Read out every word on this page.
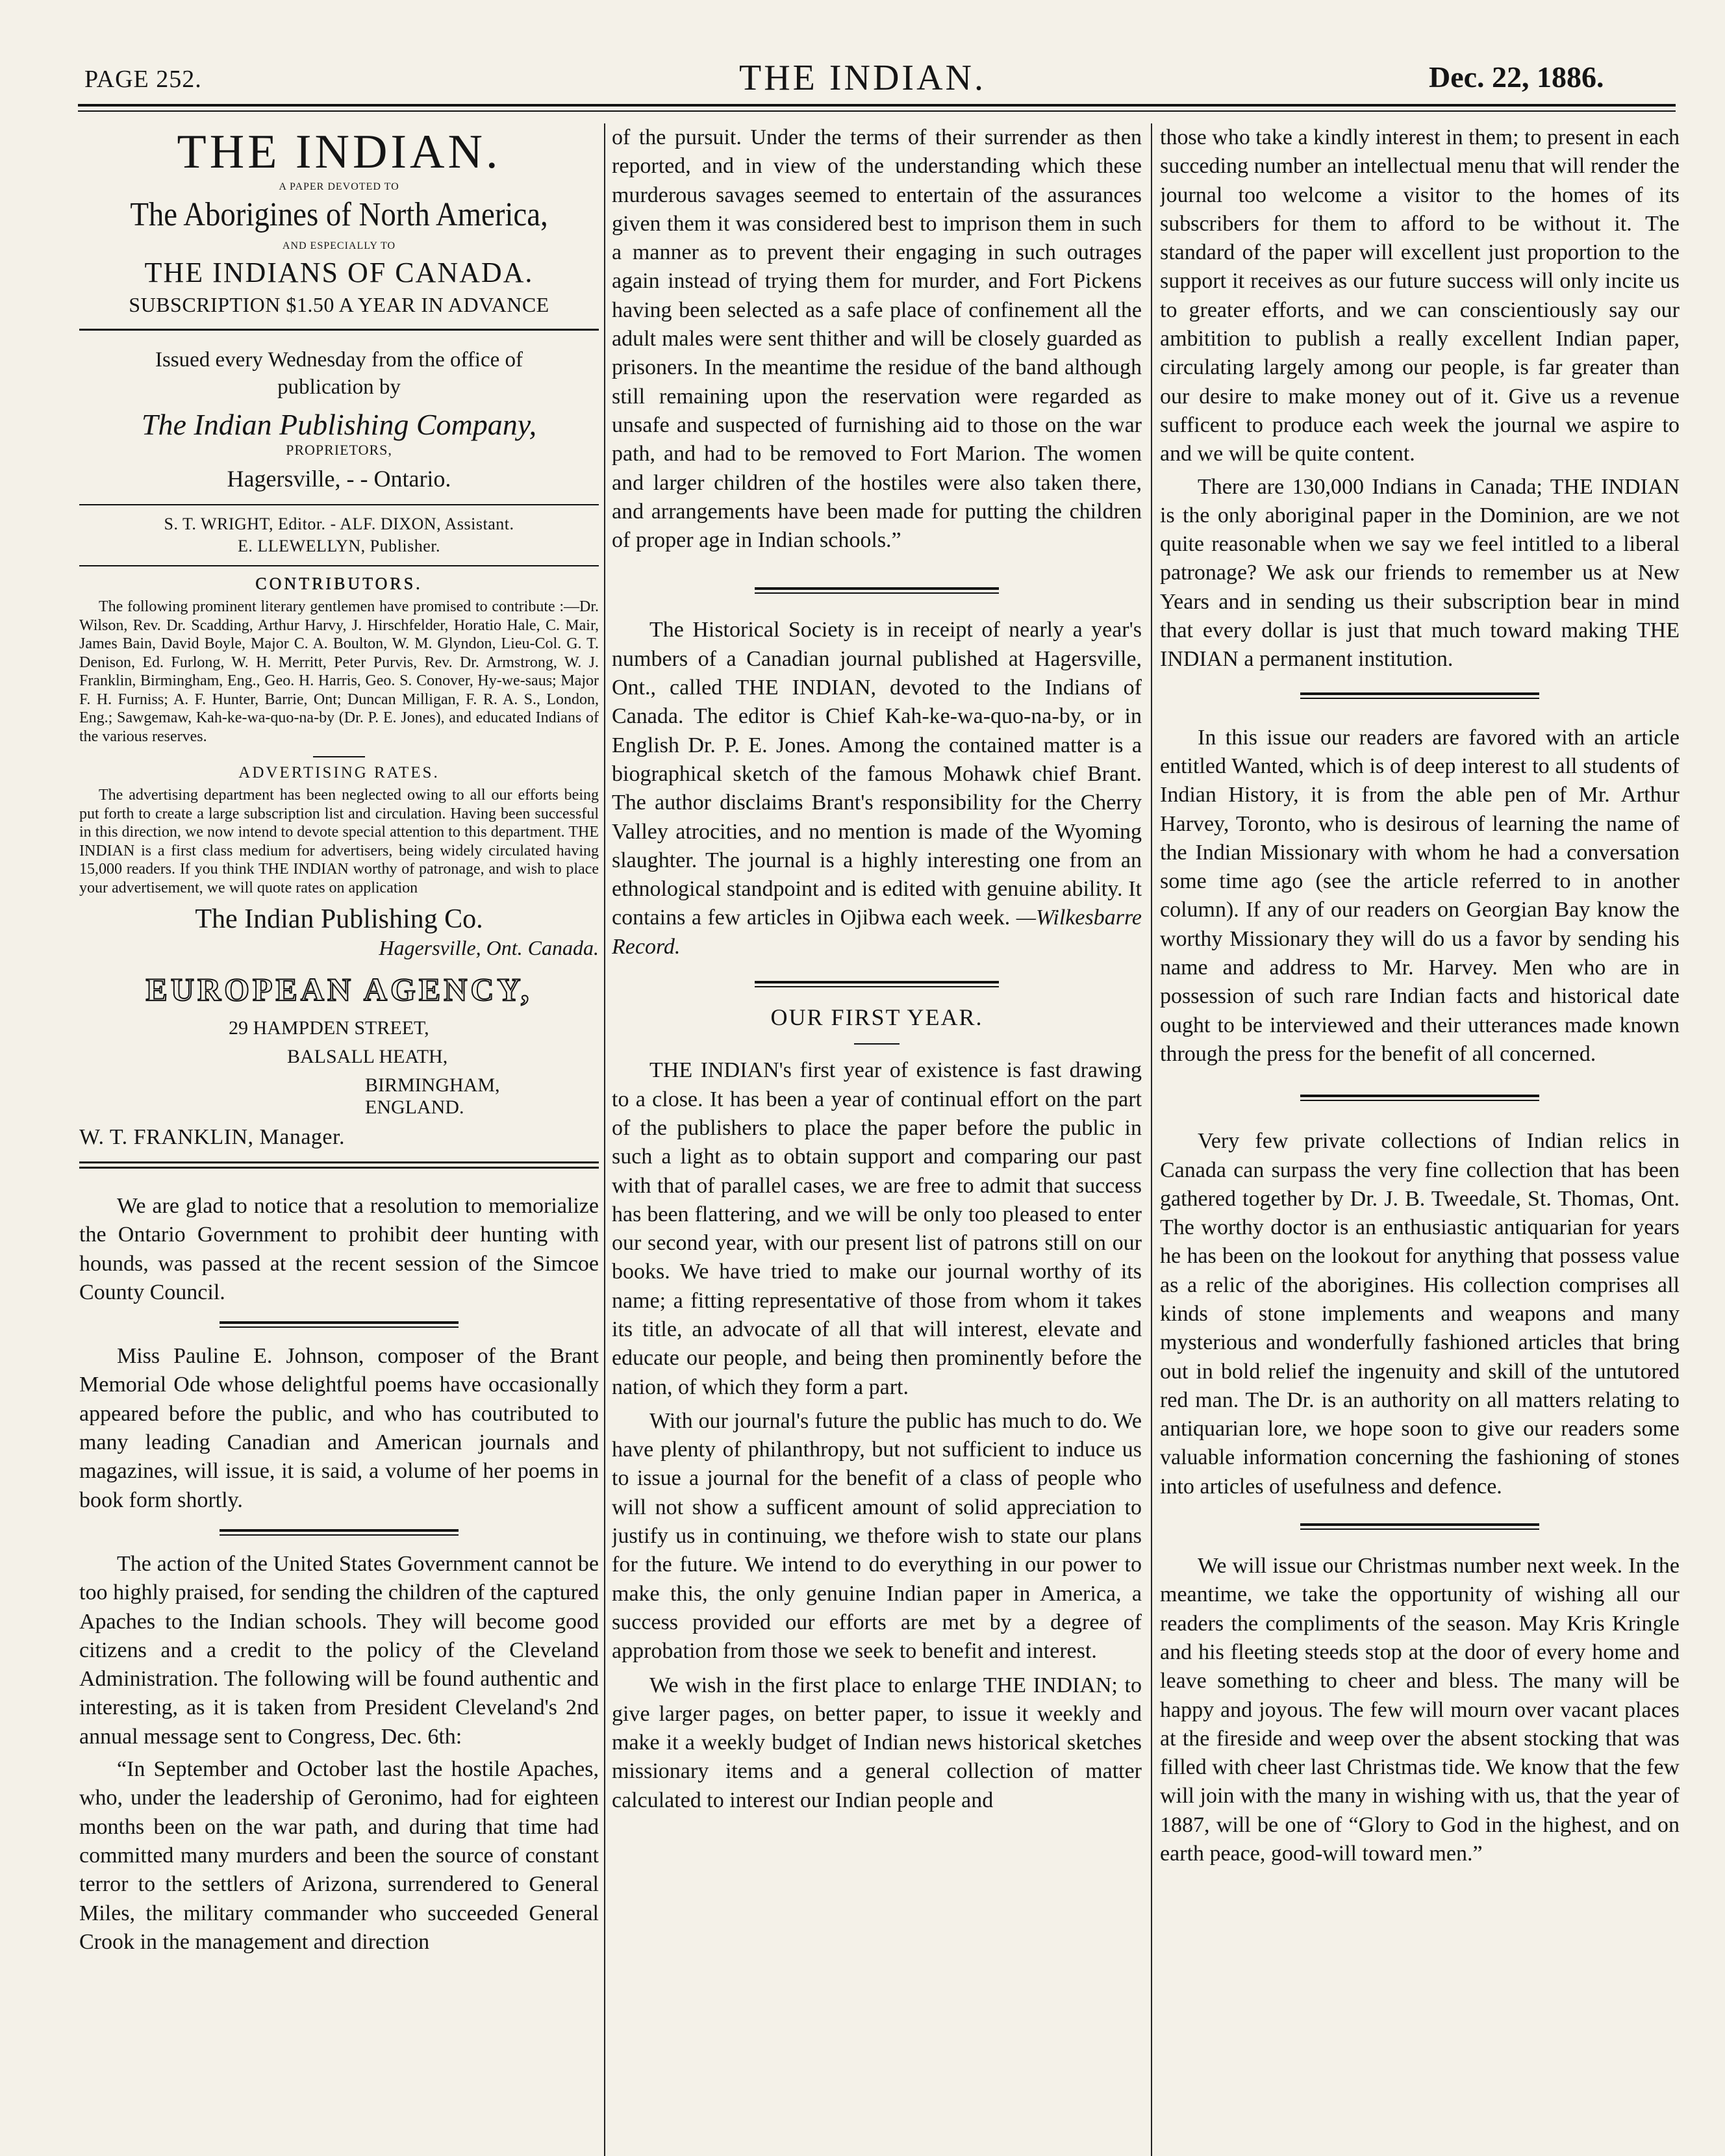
PAGE 252.	THE INDIAN.	Dec. 22, 1886.
THE INDIAN.
A PAPER DEVOTED TO
The Aborigines of North America,
AND ESPECIALLY TO
THE INDIANS OF CANADA.
SUBSCRIPTION $1.50 A YEAR IN ADVANCE
Issued every Wednesday from the office of publication by
The Indian Publishing Company,
PROPRIETORS,
Hagersville, - - Ontario.
S. T. WRIGHT, Editor. - ALF. DIXON, Assistant.
E. LLEWELLYN, Publisher.
CONTRIBUTORS.

The following prominent literary gentlemen have promised to contribute :—Dr. Wilson, Rev. Dr. Scadding, Arthur Harvy, J. Hirschfelder, Horatio Hale, C. Mair, James Bain, David Boyle, Major C. A. Boulton, W. M. Glyndon, Lieu-Col. G. T. Denison, Ed. Furlong, W. H. Merritt, Peter Purvis, Rev. Dr. Armstrong, W. J. Franklin, Birmingham, Eng., Geo. H. Harris, Geo. S. Conover, Hy-we-saus; Major F. H. Furniss; A. F. Hunter, Barrie, Ont; Duncan Milligan, F. R. A. S., London, Eng.; Sawgemaw, Kah-ke-wa-quo-na-by (Dr. P. E. Jones), and educated Indians of the various reserves.

ADVERTISING RATES.

The advertising department has been neglected owing to all our efforts being put forth to create a large subscription list and circulation. Having been successful in this direction, we now intend to devote special attention to this department. THE INDIAN is a first class medium for advertisers, being widely circulated having 15,000 readers. If you think THE INDIAN worthy of patronage, and wish to place your advertisement, we will quote rates on application

The Indian Publishing Co.
Hagersville, Ont. Canada.
EUROPEAN AGENCY,
29 HAMPDEN STREET,
BALSALL HEATH,
BIRMINGHAM, ENGLAND.
W. T. FRANKLIN, Manager.

We are glad to notice that a resolution to memorialize the Ontario Government to prohibit deer hunting with hounds, was passed at the recent session of the Simcoe County Council.

Miss Pauline E. Johnson, composer of the Brant Memorial Ode whose delightful poems have occasionally appeared before the public, and who has coutributed to many leading Canadian and American journals and magazines, will issue, it is said, a volume of her poems in book form shortly.

The action of the United States Government cannot be too highly praised, for sending the children of the captured Apaches to the Indian schools. They will become good citizens and a credit to the policy of the Cleveland Administration. The following will be found authentic and interesting, as it is taken from President Cleveland's 2nd annual message sent to Congress, Dec. 6th:

“In September and October last the hostile Apaches, who, under the leadership of Geronimo, had for eighteen months been on the war path, and during that time had committed many murders and been the source of constant terror to the settlers of Arizona, surrendered to General Miles, the military commander who succeeded General Crook in the management and direction

of the pursuit. Under the terms of their surrender as then reported, and in view of the understanding which these murderous savages seemed to entertain of the assurances given them it was considered best to imprison them in such a manner as to prevent their engaging in such outrages again instead of trying them for murder, and Fort Pickens having been selected as a safe place of confinement all the adult males were sent thither and will be closely guarded as prisoners. In the meantime the residue of the band although still remaining upon the reservation were regarded as unsafe and suspected of furnishing aid to those on the war path, and had to be removed to Fort Marion. The women and larger children of the hostiles were also taken there, and arrangements have been made for putting the children of proper age in Indian schools.”

The Historical Society is in receipt of nearly a year's numbers of a Canadian journal published at Hagersville, Ont., called THE INDIAN, devoted to the Indians of Canada. The editor is Chief Kah-ke-wa-quo-na-by, or in English Dr. P. E. Jones. Among the contained matter is a biographical sketch of the famous Mohawk chief Brant. The author disclaims Brant's responsibility for the Cherry Valley atrocities, and no mention is made of the Wyoming slaughter. The journal is a highly interesting one from an ethnological standpoint and is edited with genuine ability. It contains a few articles in Ojibwa each week. —Wilkesbarre Record.

OUR FIRST YEAR.

THE INDIAN's first year of existence is fast drawing to a close. It has been a year of continual effort on the part of the publishers to place the paper before the public in such a light as to obtain support and comparing our past with that of parallel cases, we are free to admit that success has been flattering, and we will be only too pleased to enter our second year, with our present list of patrons still on our books. We have tried to make our journal worthy of its name; a fitting representative of those from whom it takes its title, an advocate of all that will interest, elevate and educate our people, and being then prominently before the nation, of which they form a part.

With our journal's future the public has much to do. We have plenty of philanthropy, but not sufficient to induce us to issue a journal for the benefit of a class of people who will not show a sufficent amount of solid appreciation to justify us in continuing, we thefore wish to state our plans for the future. We intend to do everything in our power to make this, the only genuine Indian paper in America, a success provided our efforts are met by a degree of approbation from those we seek to benefit and interest.

We wish in the first place to enlarge THE INDIAN; to give larger pages, on better paper, to issue it weekly and make it a weekly budget of Indian news historical sketches missionary items and a general collection of matter calculated to interest our Indian people and

those who take a kindly interest in them; to present in each succeding number an intellectual menu that will render the journal too welcome a visitor to the homes of its subscribers for them to afford to be without it. The standard of the paper will excellent just proportion to the support it receives as our future success will only incite us to greater efforts, and we can conscientiously say our ambitition to publish a really excellent Indian paper, circulating largely among our people, is far greater than our desire to make money out of it. Give us a revenue sufficent to produce each week the journal we aspire to and we will be quite content.

There are 130,000 Indians in Canada; THE INDIAN is the only aboriginal paper in the Dominion, are we not quite reasonable when we say we feel intitled to a liberal patronage? We ask our friends to remember us at New Years and in sending us their subscription bear in mind that every dollar is just that much toward making THE INDIAN a permanent institution.

In this issue our readers are favored with an article entitled Wanted, which is of deep interest to all students of Indian History, it is from the able pen of Mr. Arthur Harvey, Toronto, who is desirous of learning the name of the Indian Missionary with whom he had a conversation some time ago (see the article referred to in another column). If any of our readers on Georgian Bay know the worthy Missionary they will do us a favor by sending his name and address to Mr. Harvey. Men who are in possession of such rare Indian facts and historical date ought to be interviewed and their utterances made known through the press for the benefit of all concerned.

Very few private collections of Indian relics in Canada can surpass the very fine collection that has been gathered together by Dr. J. B. Tweedale, St. Thomas, Ont. The worthy doctor is an enthusiastic antiquarian for years he has been on the lookout for anything that possess value as a relic of the aborigines. His collection comprises all kinds of stone implements and weapons and many mysterious and wonderfully fashioned articles that bring out in bold relief the ingenuity and skill of the untutored red man. The Dr. is an authority on all matters relating to antiquarian lore, we hope soon to give our readers some valuable information concerning the fashioning of stones into articles of usefulness and defence.

We will issue our Christmas number next week. In the meantime, we take the opportunity of wishing all our readers the compliments of the season. May Kris Kringle and his fleeting steeds stop at the door of every home and leave something to cheer and bless. The many will be happy and joyous. The few will mourn over vacant places at the fireside and weep over the absent stocking that was filled with cheer last Christmas tide. We know that the few will join with the many in wishing with us, that the year of 1887, will be one of “Glory to God in the highest, and on earth peace, good-will toward men.”
